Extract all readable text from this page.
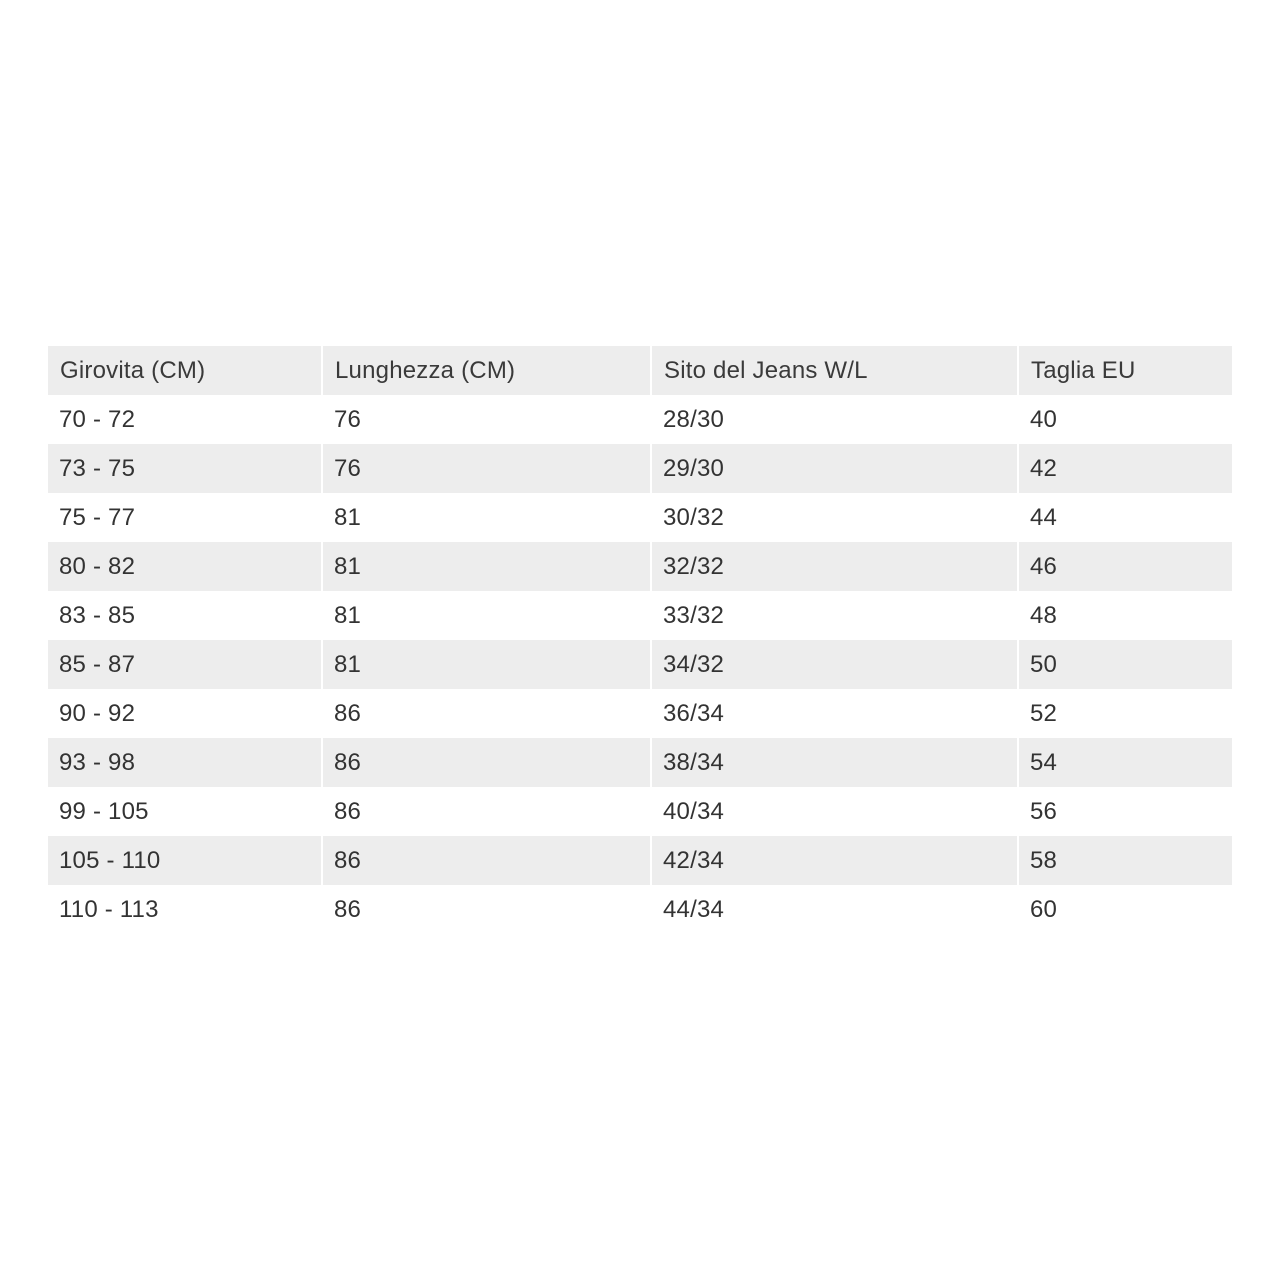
Girovita (CM)	Lunghezza (CM)	Sito del Jeans W/L	Taglia EU
70 - 72	76	28/30	40
73 - 75	76	29/30	42
75 - 77	81	30/32	44
80 - 82	81	32/32	46
83 - 85	81	33/32	48
85 - 87	81	34/32	50
90 - 92	86	36/34	52
93 - 98	86	38/34	54
99 - 105	86	40/34	56
105 - 110	86	42/34	58
110 - 113	86	44/34	60
